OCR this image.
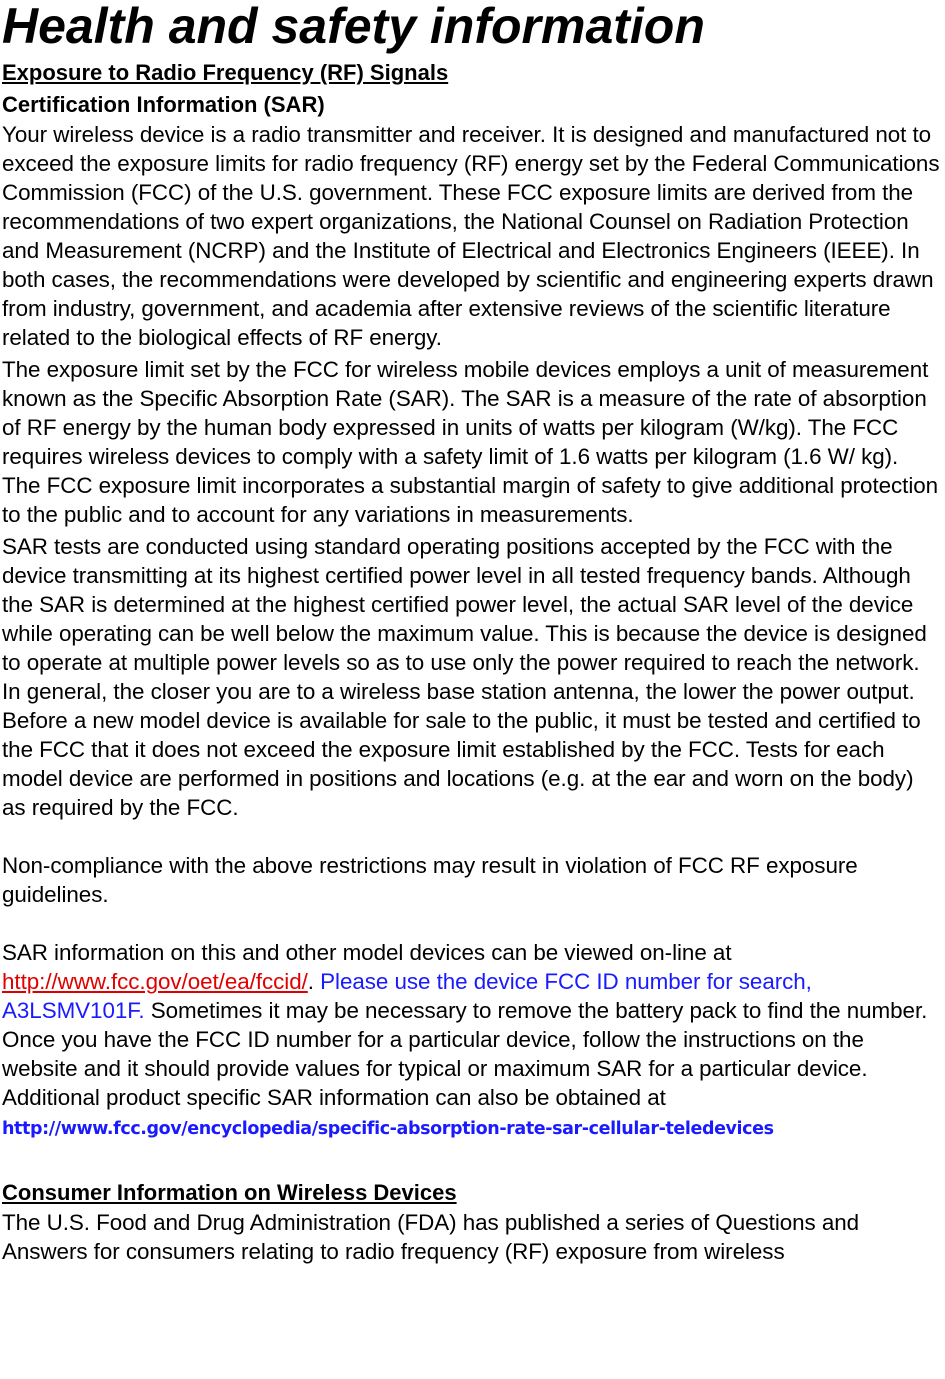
Health and safety information
Exposure to Radio Frequency (RF) Signals
Certification Information (SAR)

Your wireless device is a radio transmitter and receiver. It is designed and manufactured not to exceed the exposure limits for radio frequency (RF) energy set by the Federal Communications Commission (FCC) of the U.S. government. These FCC exposure limits are derived from the recommendations of two expert organizations, the National Counsel on Radiation Protection and Measurement (NCRP) and the Institute of Electrical and Electronics Engineers (IEEE). In both cases, the recommendations were developed by scientific and engineering experts drawn from industry, government, and academia after extensive reviews of the scientific literature related to the biological effects of RF energy.

The exposure limit set by the FCC for wireless mobile devices employs a unit of measurement known as the Specific Absorption Rate (SAR). The SAR is a measure of the rate of absorption of RF energy by the human body expressed in units of watts per kilogram (W/kg). The FCC requires wireless devices to comply with a safety limit of 1.6 watts per kilogram (1.6 W/ kg). The FCC exposure limit incorporates a substantial margin of safety to give additional protection to the public and to account for any variations in measurements.

SAR tests are conducted using standard operating positions accepted by the FCC with the device transmitting at its highest certified power level in all tested frequency bands. Although the SAR is determined at the highest certified power level, the actual SAR level of the device while operating can be well below the maximum value. This is because the device is designed to operate at multiple power levels so as to use only the power required to reach the network. In general, the closer you are to a wireless base station antenna, the lower the power output.

Before a new model device is available for sale to the public, it must be tested and certified to the FCC that it does not exceed the exposure limit established by the FCC. Tests for each model device are performed in positions and locations (e.g. at the ear and worn on the body) as required by the FCC.

Non-compliance with the above restrictions may result in violation of FCC RF exposure guidelines.

SAR information on this and other model devices can be viewed on-line at http://www.fcc.gov/oet/ea/fccid/. Please use the device FCC ID number for search, A3LSMV101F. Sometimes it may be necessary to remove the battery pack to find the number. Once you have the FCC ID number for a particular device, follow the instructions on the website and it should provide values for typical or maximum SAR for a particular device. Additional product specific SAR information can also be obtained at http://www.fcc.gov/encyclopedia/specific-absorption-rate-sar-cellular-teledevices

Consumer Information on Wireless Devices

The U.S. Food and Drug Administration (FDA) has published a series of Questions and Answers for consumers relating to radio frequency (RF) exposure from wireless
